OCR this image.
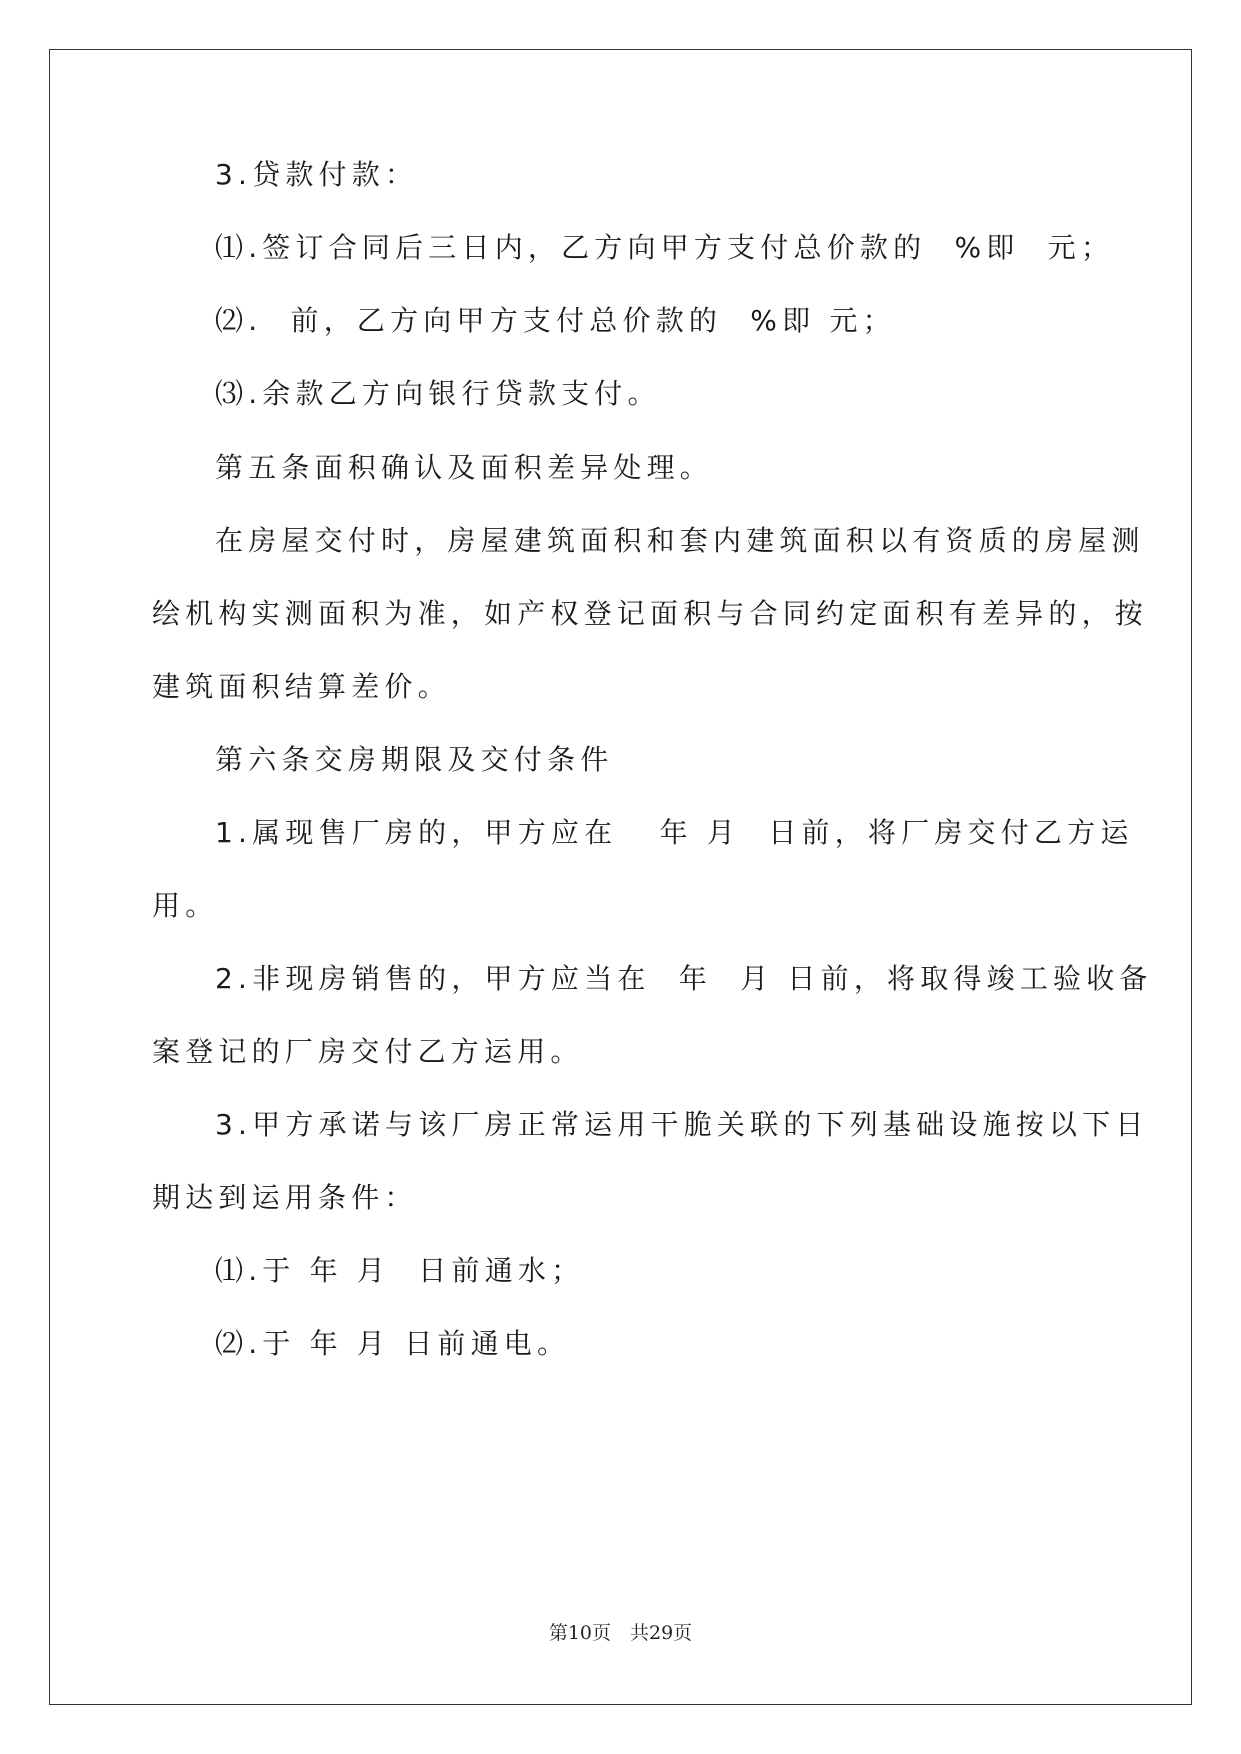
3.贷款付款：
⑴.签订合同后三日内，乙方向甲方支付总价款的  %即  元；
⑵.  前，乙方向甲方支付总价款的  %即 元；
⑶.余款乙方向银行贷款支付。
第五条面积确认及面积差异处理。
在房屋交付时，房屋建筑面积和套内建筑面积以有资质的房屋测
绘机构实测面积为准，如产权登记面积与合同约定面积有差异的，按
建筑面积结算差价。
第六条交房期限及交付条件
1.属现售厂房的，甲方应在   年 月  日前，将厂房交付乙方运
用。
2.非现房销售的，甲方应当在  年  月 日前，将取得竣工验收备
案登记的厂房交付乙方运用。
3.甲方承诺与该厂房正常运用干脆关联的下列基础设施按以下日
期达到运用条件：
⑴.于 年 月  日前通水；
⑵.于 年 月 日前通电。
第10页　共29页
